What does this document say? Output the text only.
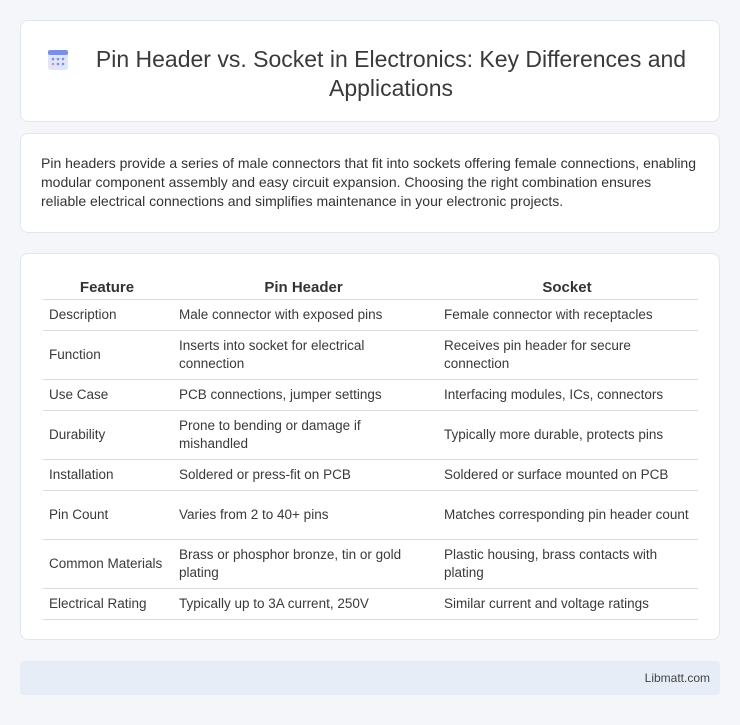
Pin Header vs. Socket in Electronics: Key Differences and Applications

Pin headers provide a series of male connectors that fit into sockets offering female connections, enabling modular component assembly and easy circuit expansion. Choosing the right combination ensures reliable electrical connections and simplifies maintenance in your electronic projects.

Feature	Pin Header	Socket
Description	Male connector with exposed pins	Female connector with receptacles
Function	Inserts into socket for electrical connection	Receives pin header for secure connection
Use Case	PCB connections, jumper settings	Interfacing modules, ICs, connectors
Durability	Prone to bending or damage if mishandled	Typically more durable, protects pins
Installation	Soldered or press-fit on PCB	Soldered or surface mounted on PCB
Pin Count	Varies from 2 to 40+ pins	Matches corresponding pin header count
Common Materials	Brass or phosphor bronze, tin or gold plating	Plastic housing, brass contacts with plating
Electrical Rating	Typically up to 3A current, 250V	Similar current and voltage ratings
Libmatt.com
